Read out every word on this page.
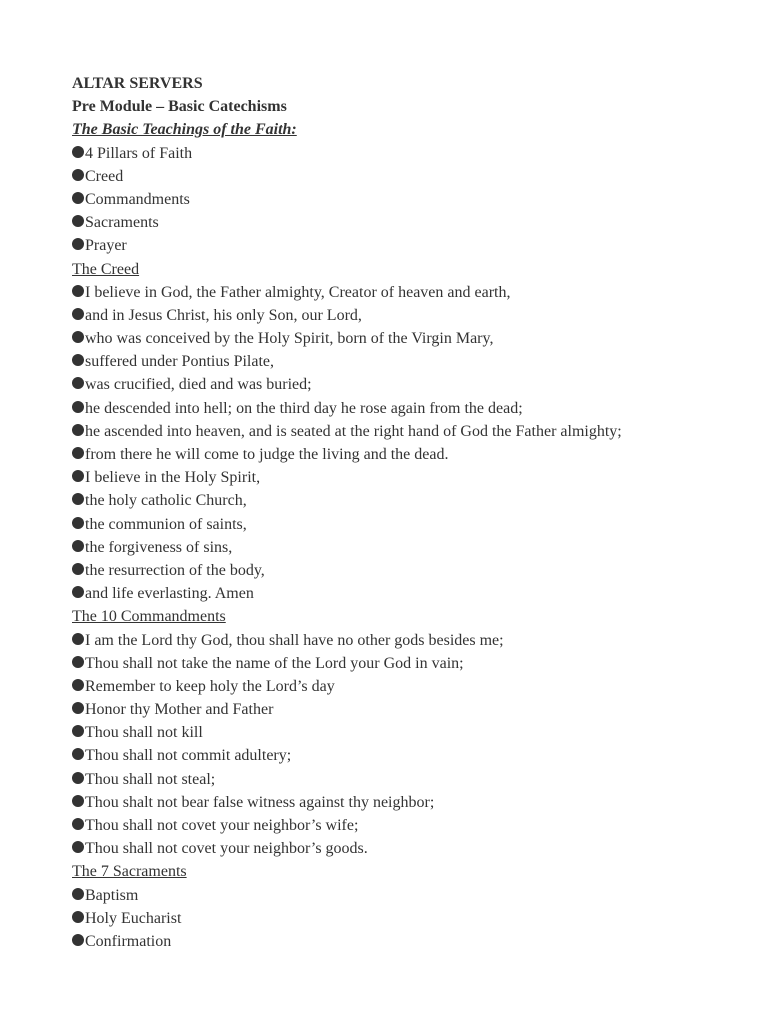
ALTAR SERVERS
Pre Module – Basic Catechisms
The Basic Teachings of the Faith:
4 Pillars of Faith
Creed
Commandments
Sacraments
Prayer
The Creed
I believe in God, the Father almighty, Creator of heaven and earth,
and in Jesus Christ, his only Son, our Lord,
who was conceived by the Holy Spirit, born of the Virgin Mary,
suffered under Pontius Pilate,
was crucified, died and was buried;
he descended into hell; on the third day he rose again from the dead;
he ascended into heaven, and is seated at the right hand of God the Father almighty;
from there he will come to judge the living and the dead.
I believe in the Holy Spirit,
the holy catholic Church,
the communion of saints,
the forgiveness of sins,
the resurrection of the body,
and life everlasting. Amen
The 10 Commandments
I am the Lord thy God, thou shall have no other gods besides me;
Thou shall not take the name of the Lord your God in vain;
Remember to keep holy the Lord’s day
Honor thy Mother and Father
Thou shall not kill
Thou shall not commit adultery;
Thou shall not steal;
Thou shalt not bear false witness against thy neighbor;
Thou shall not covet your neighbor’s wife;
Thou shall not covet your neighbor’s goods.
The 7 Sacraments
Baptism
Holy Eucharist
Confirmation
